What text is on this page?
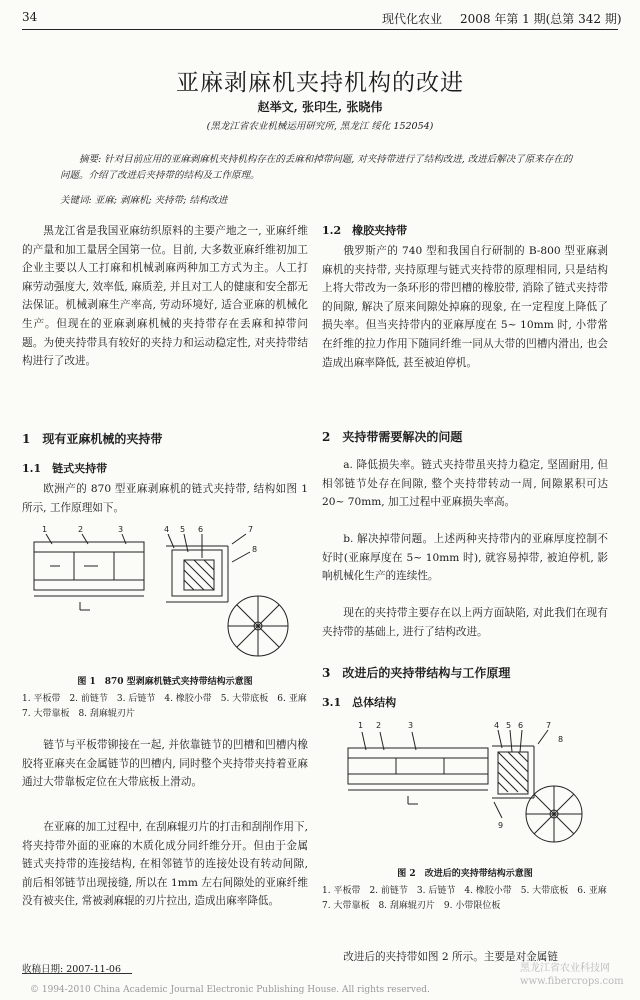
34	现代化农业 2008 年第 1 期(总第 342 期)
亚麻剥麻机夹持机构的改进
赵举文, 张印生, 张晓伟
(黑龙江省农业机械运用研究所, 黑龙江 绥化 152054)
摘要: 针对目前应用的亚麻剥麻机夹持机构存在的丢麻和掉带问题, 对夹持带进行了结构改进, 改进后解决了原来存在的问题。介绍了改进后夹持带的结构及工作原理。
关键词: 亚麻; 剥麻机; 夹持带; 结构改进

黑龙江省是我国亚麻纺织原料的主要产地之一, 亚麻纤维的产量和加工量居全国第一位。目前, 大多数亚麻纤维初加工企业主要以人工打麻和机械剥麻两种加工方式为主。人工打麻劳动强度大, 效率低, 麻质差, 并且对工人的健康和安全都无法保证。机械剥麻生产率高, 劳动环境好, 适合亚麻的机械化生产。但现在的亚麻剥麻机械的夹持带存在丢麻和掉带问题。为使夹持带具有较好的夹持力和运动稳定性, 对夹持带结构进行了改进。

1　现有亚麻机械的夹持带
1.1　链式夹持带

欧洲产的 870 型亚麻剥麻机的链式夹持带, 结构如图 1 所示, 工作原理如下。

1	2	3	4 5 6	7
8
图 1　870 型剥麻机链式夹持带结构示意图
1. 平板带　2. 前链节　3. 后链节　4. 橡胶小带　5. 大带底板　6. 亚麻　7. 大带靠板　8. 刮麻辊刃片

链节与平板带铆接在一起, 并依靠链节的凹槽和凹槽内橡胶将亚麻夹在金属链节的凹槽内, 同时整个夹持带夹持着亚麻通过大带靠板定位在大带底板上滑动。

在亚麻的加工过程中, 在刮麻辊刃片的打击和刮削作用下, 将夹持带外面的亚麻的木质化成分同纤维分开。但由于金属链式夹持带的连接结构, 在相邻链节的连接处设有转动间隙, 前后相邻链节出现接缝, 所以在 1mm 左右间隙处的亚麻纤维没有被夹住, 常被剥麻辊的刃片拉出, 造成出麻率降低。

收稿日期: 2007-11-06
1.2　橡胶夹持带

俄罗斯产的 740 型和我国自行研制的 B-800 型亚麻剥麻机的夹持带, 夹持原理与链式夹持带的原理相同, 只是结构上将大带改为一条环形的带凹槽的橡胶带, 消除了链式夹持带的间隙, 解决了原来间隙处掉麻的现象, 在一定程度上降低了损失率。但当夹持带内的亚麻厚度在 5~ 10mm 时, 小带常在纤维的拉力作用下随同纤维一同从大带的凹槽内滑出, 也会造成出麻率降低, 甚至被迫停机。

2　夹持带需要解决的问题

a. 降低损失率。链式夹持带虽夹持力稳定, 坚固耐用, 但相邻链节处存在间隙, 整个夹持带转动一周, 间隙累积可达 20~ 70mm, 加工过程中亚麻损失率高。

b. 解决掉带问题。上述两种夹持带内的亚麻厚度控制不好时(亚麻厚度在 5~ 10mm 时), 就容易掉带, 被迫停机, 影响机械化生产的连续性。

现在的夹持带主要存在以上两方面缺陷, 对此我们在现有夹持带的基础上, 进行了结构改进。

3　改进后的夹持带结构与工作原理
3.1　总体结构
1 2	3	4 5 6	7
8
9
图 2　改进后的夹持带结构示意图
1. 平板带　2. 前链节　3. 后链节　4. 橡胶小带　5. 大带底板　6. 亚麻　7. 大带靠板　8. 刮麻辊刃片　9. 小带限位板

改进后的夹持带如图 2 所示。主要是对金属链

© 1994-2010 China Academic Journal Electronic Publishing House. All rights reserved.
黑龙江省农业科技网
www.fibercrops.com
